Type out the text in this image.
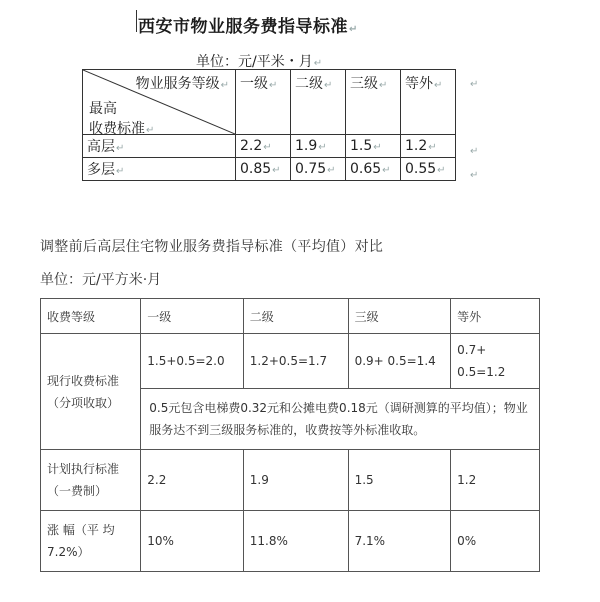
西安市物业服务费指导标准↵
单位：元/平米・月↵
物业服务等级↵
最高
收费标准↵	一级↵	二级↵	三级↵	等外↵

高层↵	2.2↵	1.9↵	1.5↵	1.2↵
多层↵	0.85↵	0.75↵	0.65↵	0.55↵
↵
↵
↵
调整前后高层住宅物业服务费指导标准（平均值）对比
单位：元/平方米·月
收费等级	一级	二级	三级	等外
现行收费标准（分项收取）	1.5+0.5=2.0	1.2+0.5=1.7	0.9+ 0.5=1.4	0.7+ 0.5=1.2
	0.5元包含电梯费0.32元和公摊电费0.18元（调研测算的平均值）；物业服务达不到三级服务标准的，收费按等外标准收取。			
计划执行标准（一费制）	2.2	1.9	1.5	1.2
涨 幅（平 均 7.2%）	10%	11.8%	7.1%	0%
